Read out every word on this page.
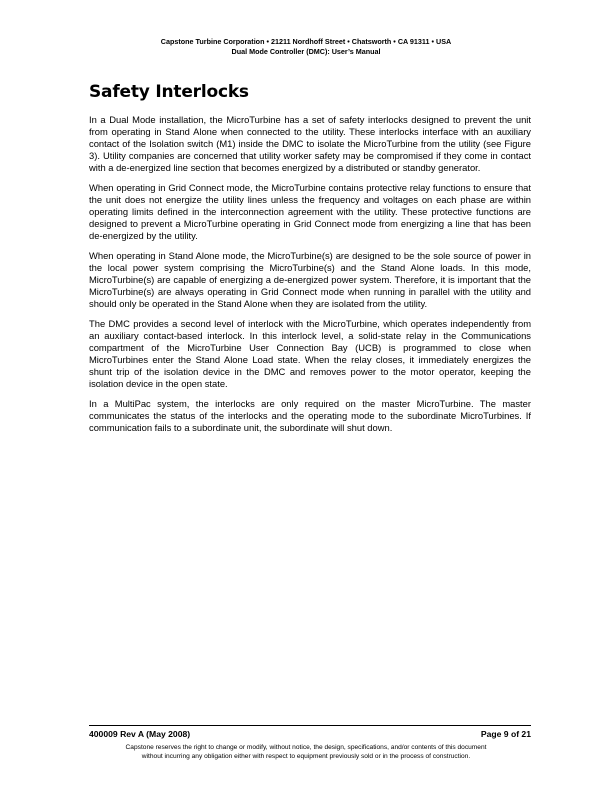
Capstone Turbine Corporation • 21211 Nordhoff Street • Chatsworth • CA 91311 • USA
Dual Mode Controller (DMC): User’s Manual
Safety Interlocks

In a Dual Mode installation, the MicroTurbine has a set of safety interlocks designed to prevent the unit from operating in Stand Alone when connected to the utility. These interlocks interface with an auxiliary contact of the Isolation switch (M1) inside the DMC to isolate the MicroTurbine from the utility (see Figure 3). Utility companies are concerned that utility worker safety may be compromised if they come in contact with a de-energized line section that becomes energized by a distributed or standby generator.

When operating in Grid Connect mode, the MicroTurbine contains protective relay functions to ensure that the unit does not energize the utility lines unless the frequency and voltages on each phase are within operating limits defined in the interconnection agreement with the utility. These protective functions are designed to prevent a MicroTurbine operating in Grid Connect mode from energizing a line that has been de-energized by the utility.

When operating in Stand Alone mode, the MicroTurbine(s) are designed to be the sole source of power in the local power system comprising the MicroTurbine(s) and the Stand Alone loads. In this mode, MicroTurbine(s) are capable of energizing a de-energized power system. Therefore, it is important that the MicroTurbine(s) are always operating in Grid Connect mode when running in parallel with the utility and should only be operated in the Stand Alone when they are isolated from the utility.

The DMC provides a second level of interlock with the MicroTurbine, which operates independently from an auxiliary contact-based interlock. In this interlock level, a solid-state relay in the Communications compartment of the MicroTurbine User Connection Bay (UCB) is programmed to close when MicroTurbines enter the Stand Alone Load state. When the relay closes, it immediately energizes the shunt trip of the isolation device in the DMC and removes power to the motor operator, keeping the isolation device in the open state.

In a MultiPac system, the interlocks are only required on the master MicroTurbine. The master communicates the status of the interlocks and the operating mode to the subordinate MicroTurbines. If communication fails to a subordinate unit, the subordinate will shut down.

400009 Rev A (May 2008)	Page 9 of 21
Capstone reserves the right to change or modify, without notice, the design, specifications, and/or contents of this document
without incurring any obligation either with respect to equipment previously sold or in the process of construction.
